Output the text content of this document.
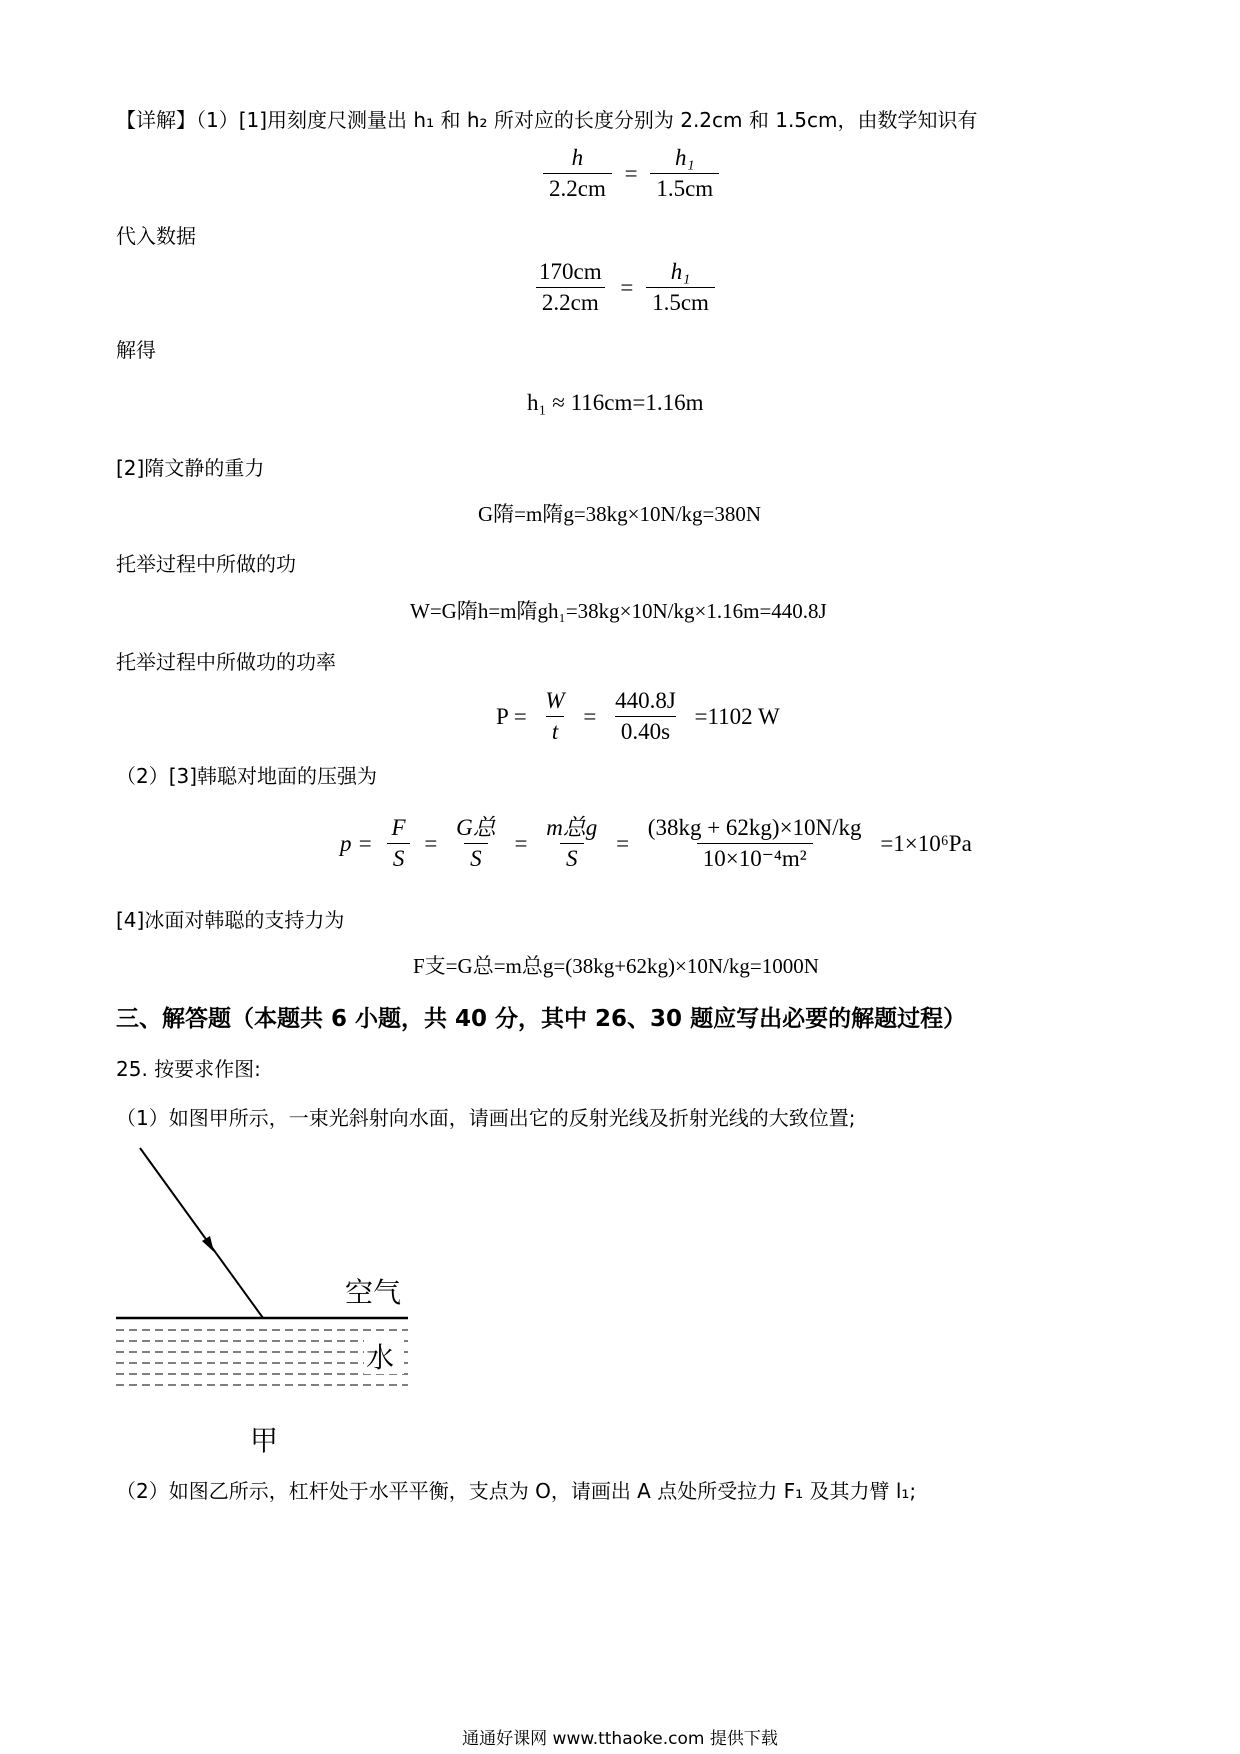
【详解】（1）[1]用刻度尺测量出 h₁ 和 h₂ 所对应的长度分别为 2.2cm 和 1.5cm，由数学知识有
$\frac{h}{2.2cm} = \frac{\text{h₁}}{1.5cm}$
代入数据
$\frac{170cm}{2.2cm} = \frac{\text{h₁}}{1.5cm}$
解得
h₁ ≈ 116cm=1.16m
[2]隋文静的重力
G隋=m隋g=38kg×10N/kg=380N
托举过程中所做的功
W=G隋h=m隋gh₁=38kg×10N/kg×1.16m=440.8J
托举过程中所做功的功率
$P = \frac{W}{t} = \frac{440.8J}{0.40s} =1102$ W
（2）[3]韩聪对地面的压强为
$p = \frac{F}{S} = \frac{\text{G总}}{S} = \frac{\text{m总g}}{S} = \frac{(38kg + 62kg)\times 10N/kg}{\text{10×10⁻⁴m²}} =1\times 10^6Pa$
[4]冰面对韩聪的支持力为
F支=G总=m总g=(38kg+62kg)×10N/kg=1000N
三、解答题（本题共 6 小题，共 40 分，其中 26、30 题应写出必要的解题过程）
25. 按要求作图:
（1）如图甲所示，一束光斜射向水面，请画出它的反射光线及折射光线的大致位置;
空气
水
甲
（2）如图乙所示，杠杆处于水平平衡，支点为 O，请画出 A 点处所受拉力 F₁ 及其力臂 l₁;
通通好课网 www.tthaoke.com 提供下载
